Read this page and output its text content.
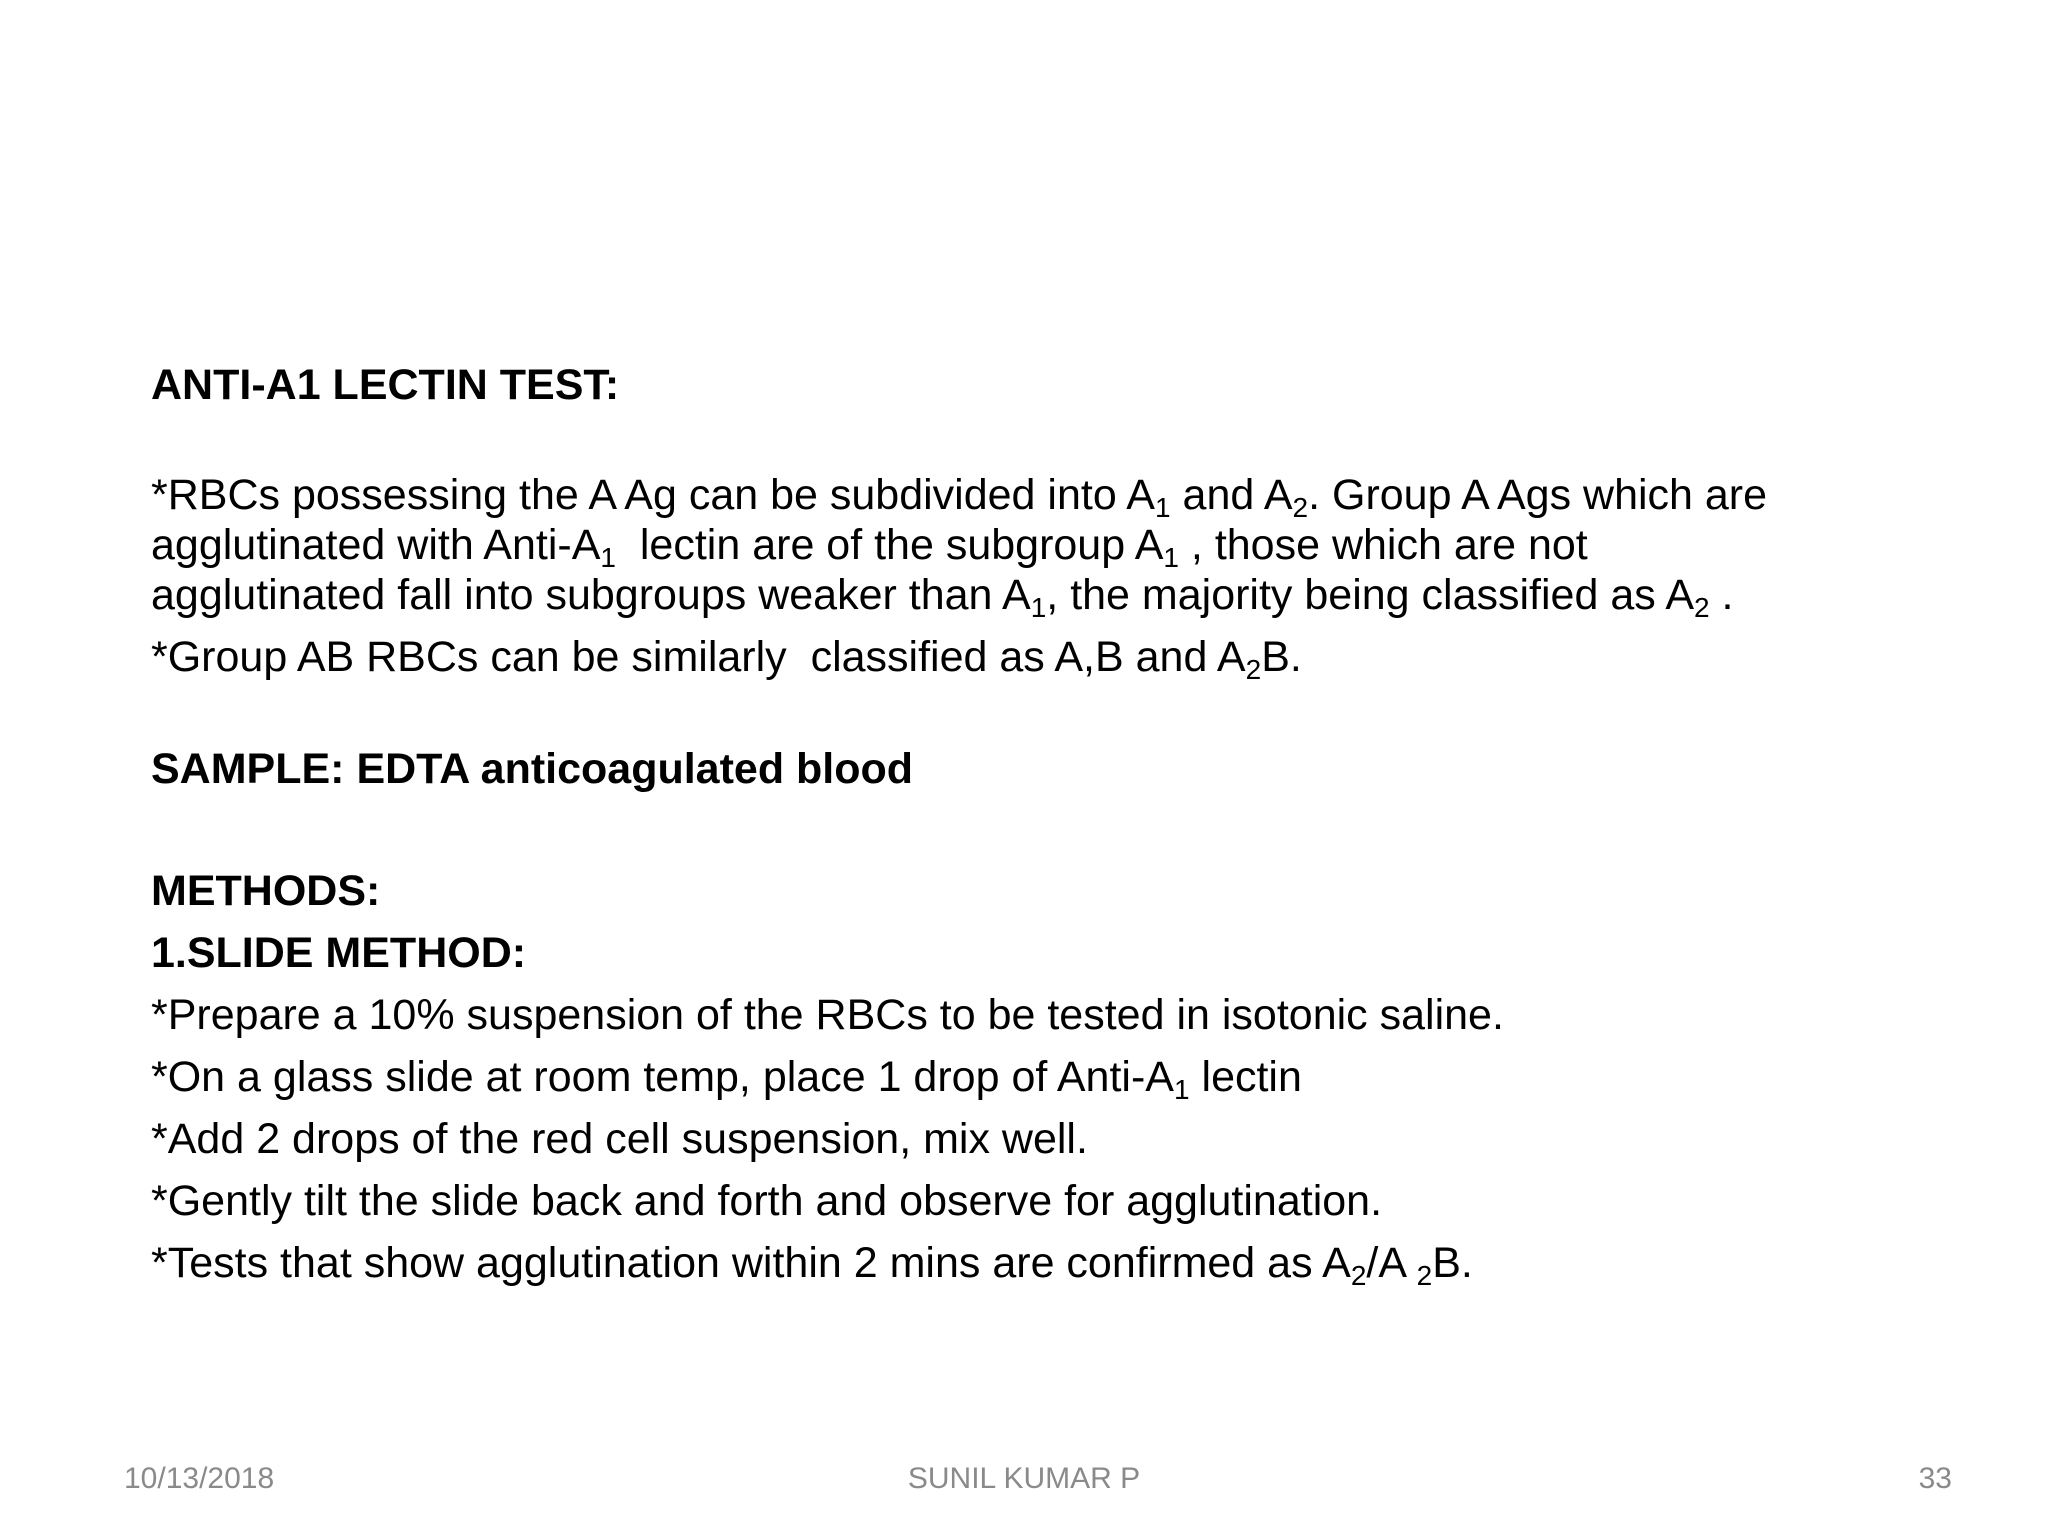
ANTI-A1 LECTIN TEST:
*RBCs possessing the A Ag can be subdivided into $A_1$ and $A_2$. Group A Ags which are
agglutinated with Anti-$A_1$  lectin are of the subgroup $A_1$ , those which are not
agglutinated fall into subgroups weaker than $A_1$, the majority being classified as $A_2$ .
*Group AB RBCs can be similarly  classified as A,B and $A_2B$.
SAMPLE: EDTA anticoagulated blood
METHODS:
1.SLIDE METHOD:
*Prepare a 10% suspension of the RBCs to be tested in isotonic saline.
*On a glass slide at room temp, place 1 drop of Anti-$A_1$ lectin
*Add 2 drops of the red cell suspension, mix well.
*Gently tilt the slide back and forth and observe for agglutination.
*Tests that show agglutination within 2 mins are confirmed as $A_2/A$ $_2$B.
10/13/2018	SUNIL KUMAR P	33
